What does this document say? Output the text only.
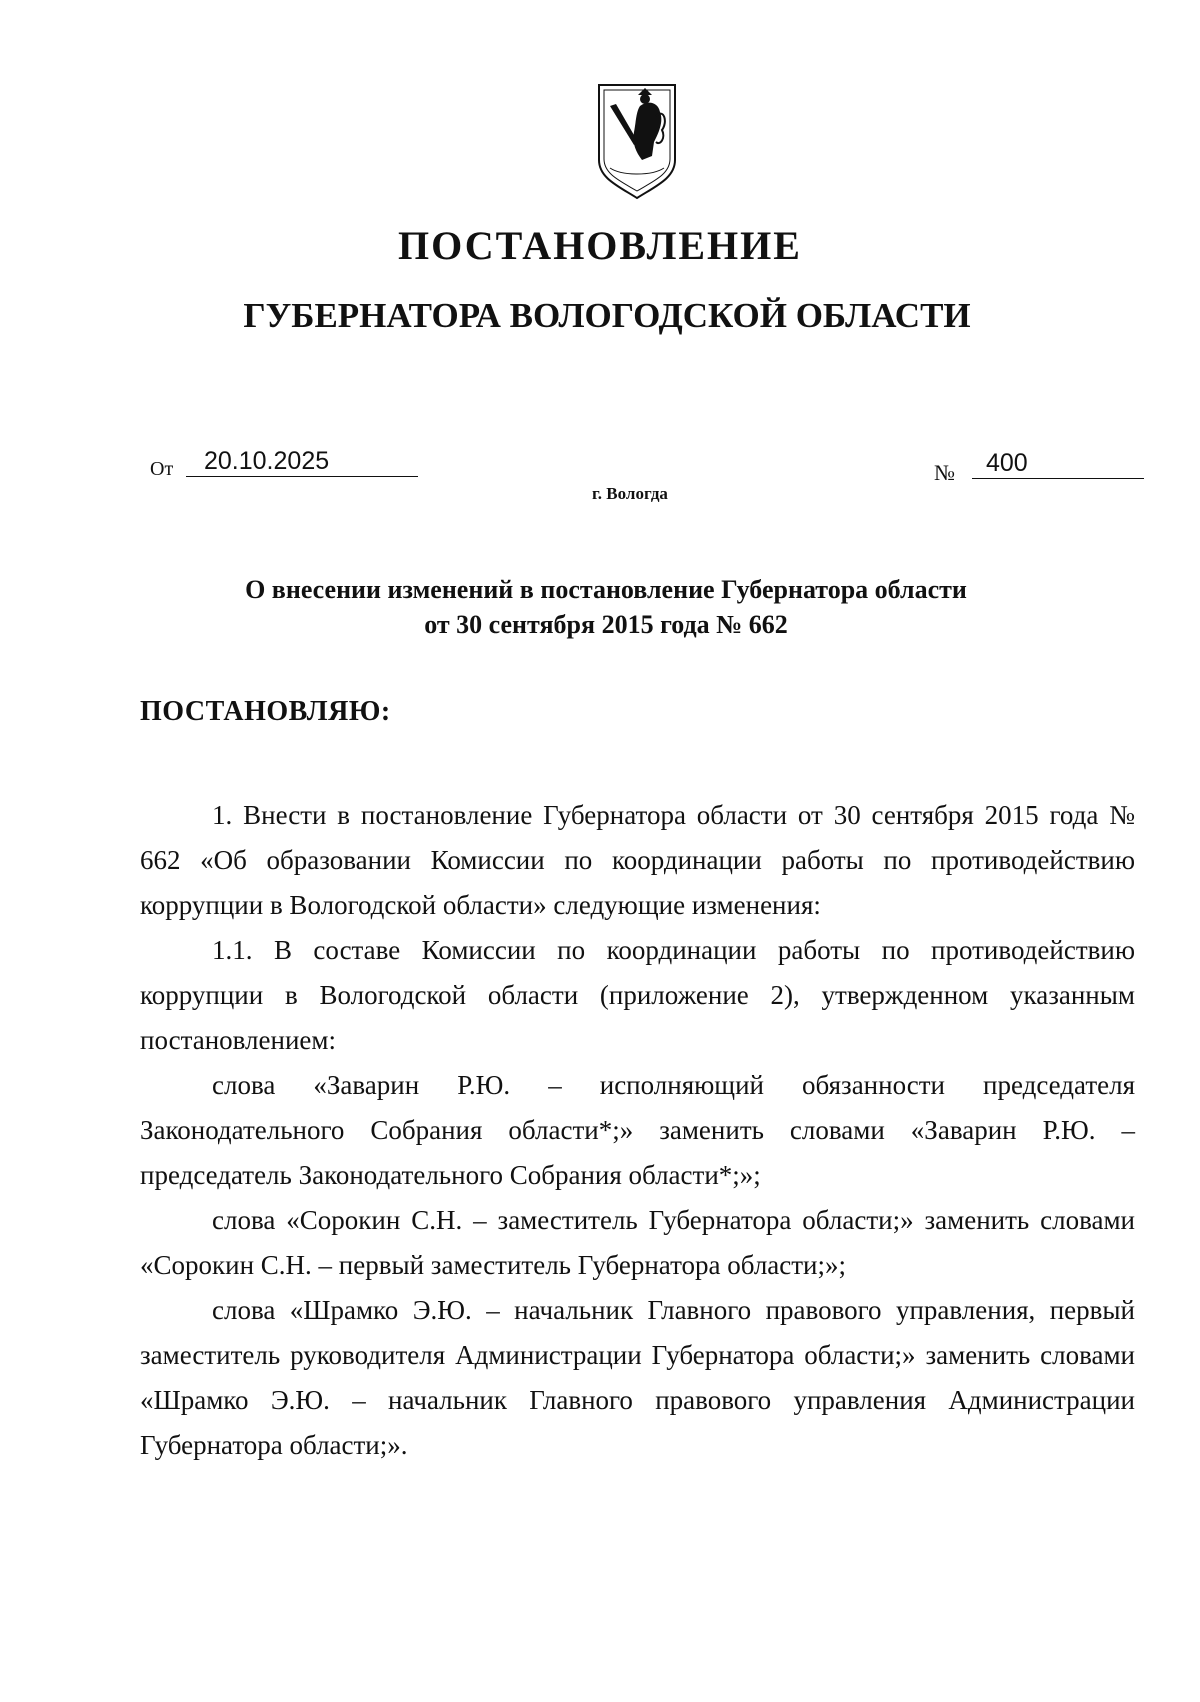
ПОСТАНОВЛЕНИЕ
ГУБЕРНАТОРА ВОЛОГОДСКОЙ ОБЛАСТИ
От	20.10.2025	№	400
г. Вологда
О внесении изменений в постановление Губернатора области
от 30 сентября 2015 года № 662
ПОСТАНОВЛЯЮ:

1. Внести в постановление Губернатора области от 30 сентября 2015 года № 662 «Об образовании Комиссии по координации работы по противодействию коррупции в Вологодской области» следующие изменения:

1.1. В составе Комиссии по координации работы по противодействию коррупции в Вологодской области (приложение 2), утвержденном указанным постановлением:

слова «Заварин Р.Ю. – исполняющий обязанности председателя Законодательного Собрания области*;» заменить словами «Заварин Р.Ю. – председатель Законодательного Собрания области*;»;

слова «Сорокин С.Н. – заместитель Губернатора области;» заменить словами «Сорокин С.Н. – первый заместитель Губернатора области;»;

слова «Шрамко Э.Ю. – начальник Главного правового управления, первый заместитель руководителя Администрации Губернатора области;» заменить словами «Шрамко Э.Ю. – начальник Главного правового управления Администрации Губернатора области;».
